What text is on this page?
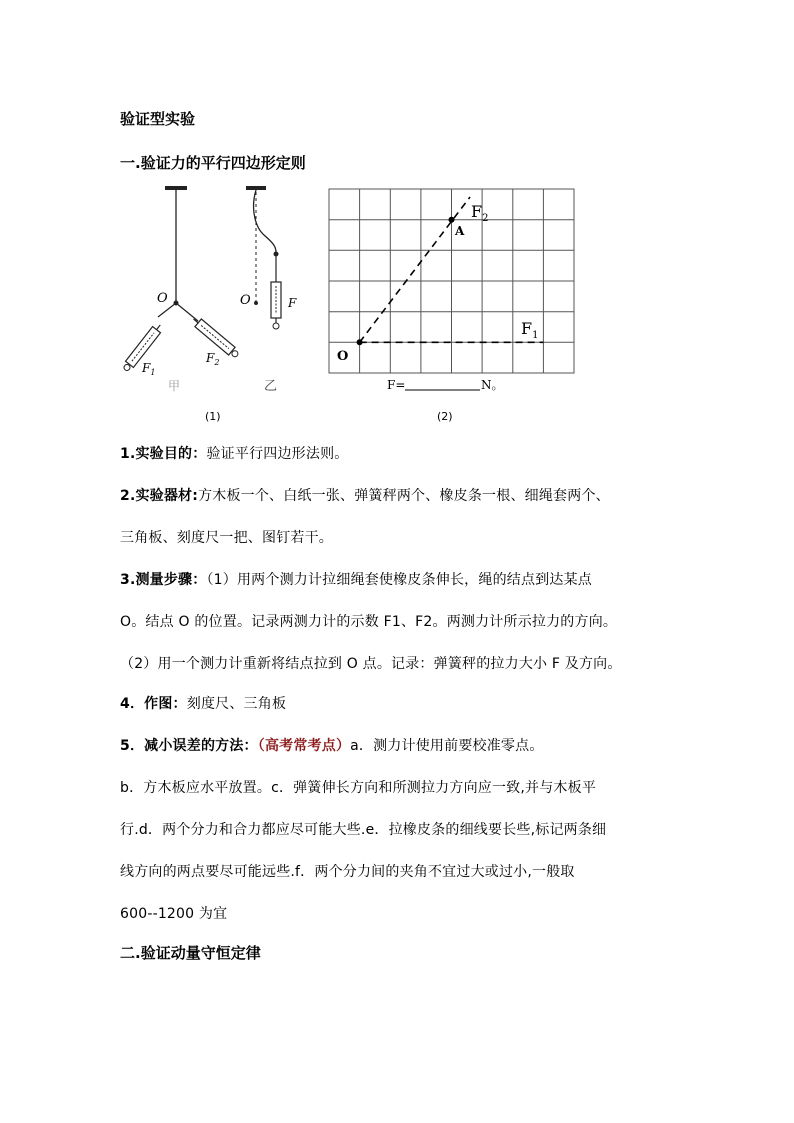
验证型实验
一.验证力的平行四边形定则
O
$F_1$
$F_2$
甲
O	F
乙
(1)
$F_2$
A
$F_1$
O
F=	N。
(2)
1.实验目的：验证平行四边形法则。
2.实验器材:方木板一个、白纸一张、弹簧秤两个、橡皮条一根、细绳套两个、
三角板、刻度尺一把、图钉若干。
3.测量步骤：（1）用两个测力计拉细绳套使橡皮条伸长，绳的结点到达某点
O。结点 O 的位置。记录两测力计的示数 F1、F2。两测力计所示拉力的方向。
（2）用一个测力计重新将结点拉到 O 点。记录：弹簧秤的拉力大小 F 及方向。
4．作图：刻度尺、三角板
5．减小误差的方法：（高考常考点）a．测力计使用前要校准零点。
b．方木板应水平放置。c．弹簧伸长方向和所测拉力方向应一致,并与木板平
行.d．两个分力和合力都应尽可能大些.e．拉橡皮条的细线要长些,标记两条细
线方向的两点要尽可能远些.f．两个分力间的夹角不宜过大或过小,一般取
600--1200 为宜
二.验证动量守恒定律
